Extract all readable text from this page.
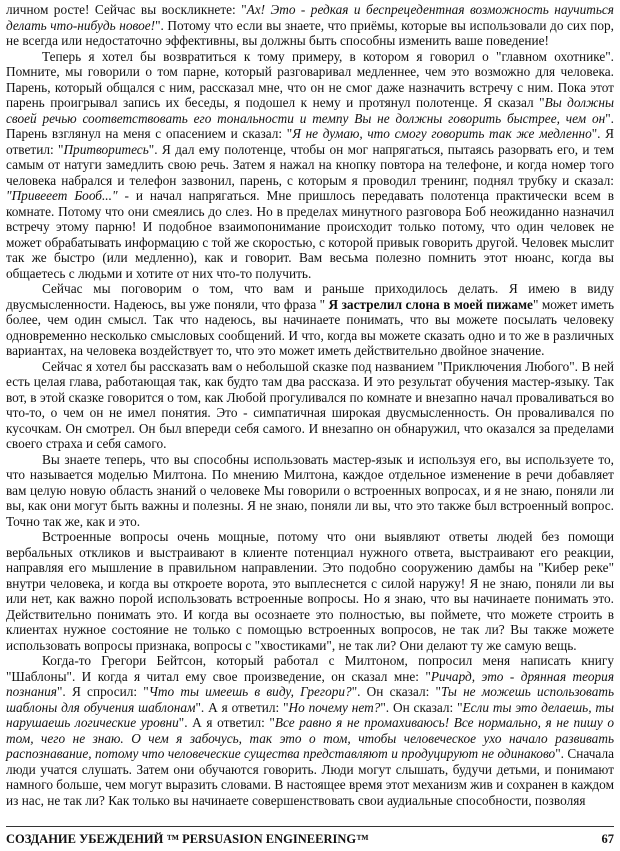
личном росте! Сейчас вы воскликнете: "Ах! Это - редкая и беспрецедентная возможность научиться делать что-нибудь новое!". Потому что если вы знаете, что приёмы, которые вы использовали до сих пор, не всегда или недостаточно эффективны, вы должны быть способны изменить ваше поведение!

Теперь я хотел бы возвратиться к тому примеру, в котором я говорил о "главном охотнике". Помните, мы говорили о том парне, который разговаривал медленнее, чем это возможно для человека. Парень, который общался с ним, рассказал мне, что он не смог даже назначить встречу с ним. Пока этот парень проигрывал запись их беседы, я подошел к нему и протянул полотенце. Я сказал "Вы должны своей речью соответствовать его тональности и темпу Вы не должны говорить быстрее, чем он". Парень взглянул на меня с опасением и сказал: "Я не думаю, что смогу говорить так же медленно". Я ответил: "Притворитесь". Я дал ему полотенце, чтобы он мог напрягаться, пытаясь разорвать его, и тем самым от натуги замедлить свою речь. Затем я нажал на кнопку повтора на телефоне, и когда номер того человека набрался и телефон зазвонил, парень, с которым я проводил тренинг, поднял трубку и сказал: "Привееет Бооб..." - и начал напрягаться. Мне пришлось передавать полотенца практически всем в комнате. Потому что они смеялись до слез. Но в пределах минутного разговора Боб неожиданно назначил встречу этому парню! И подобное взаимопонимание происходит только потому, что один человек не может обрабатывать информацию с той же скоростью, с которой привык говорить другой. Человек мыслит так же быстро (или медленно), как и говорит. Вам весьма полезно помнить этот нюанс, когда вы общаетесь с людьми и хотите от них что-то получить.

Сейчас мы поговорим о том, что вам и раньше приходилось делать. Я имею в виду двусмысленности. Надеюсь, вы уже поняли, что фраза " Я застрелил слона в моей пижаме" может иметь более, чем один смысл. Так что надеюсь, вы начинаете понимать, что вы можете посылать человеку одновременно несколько смысловых сообщений. И что, когда вы можете сказать одно и то же в различных вариантах, на человека воздействует то, что это может иметь действительно двойное значение.

Сейчас я хотел бы рассказать вам о небольшой сказке под названием "Приключения Любого". В ней есть целая глава, работающая так, как будто там два рассказа. И это результат обучения мастер-языку. Так вот, в этой сказке говорится о том, как Любой прогуливался по комнате и внезапно начал проваливаться во что-то, о чем он не имел понятия. Это - симпатичная широкая двусмысленность. Он проваливался по кусочкам. Он смотрел. Он был впереди себя самого. И внезапно он обнаружил, что оказался за пределами своего страха и себя самого.

Вы знаете теперь, что вы способны использовать мастер-язык и используя его, вы используете то, что называется моделью Милтона. По мнению Милтона, каждое отдельное изменение в речи добавляет вам целую новую область знаний о человеке Мы говорили о встроенных вопросах, и я не знаю, поняли ли вы, как они могут быть важны и полезны. Я не знаю, поняли ли вы, что это также был встроенный вопрос. Точно так же, как и это.

Встроенные вопросы очень мощные, потому что они выявляют ответы людей без помощи вербальных откликов и выстраивают в клиенте потенциал нужного ответа, выстраивают его реакции, направляя его мышление в правильном направлении. Это подобно сооружению дамбы на "Кибер реке" внутри человека, и когда вы откроете ворота, это выплеснется с силой наружу! Я не знаю, поняли ли вы или нет, как важно порой использовать встроенные вопросы. Но я знаю, что вы начинаете понимать это. Действительно понимать это. И когда вы осознаете это полностью, вы поймете, что можете строить в клиентах нужное состояние не только с помощью встроенных вопросов, не так ли? Вы также можете использовать вопросы признака, вопросы с "хвостиками", не так ли? Они делают ту же самую вещь.

Когда-то Грегори Бейтсон, который работал с Милтоном, попросил меня написать книгу "Шаблоны". И когда я читал ему свое произведение, он сказал мне: "Ричард, это - дрянная теория познания". Я спросил: "Что ты имеешь в виду, Грегори?". Он сказал: "Ты не можешь использовать шаблоны для обучения шаблонам". А я ответил: "Но почему нет?". Он сказал: "Если ты это делаешь, ты нарушаешь логические уровни". А я ответил: "Все равно я не промахиваюсь! Все нормально, я не пишу о том, чего не знаю. О чем я забочусь, так это о том, чтобы человеческое ухо начало развивать распознавание, потому что человеческие существа представляют и продуцируют не одинаково". Сначала люди учатся слушать. Затем они обучаются говорить. Люди могут слышать, будучи детьми, и понимают намного больше, чем могут выразить словами. В настоящее время этот механизм жив и сохранен в каждом из нас, не так ли? Как только вы начинаете совершенствовать свои аудиальные способности, позволяя

СОЗДАНИЕ УБЕЖДЕНИЙ ™ PERSUASION ENGINEERING™	67
